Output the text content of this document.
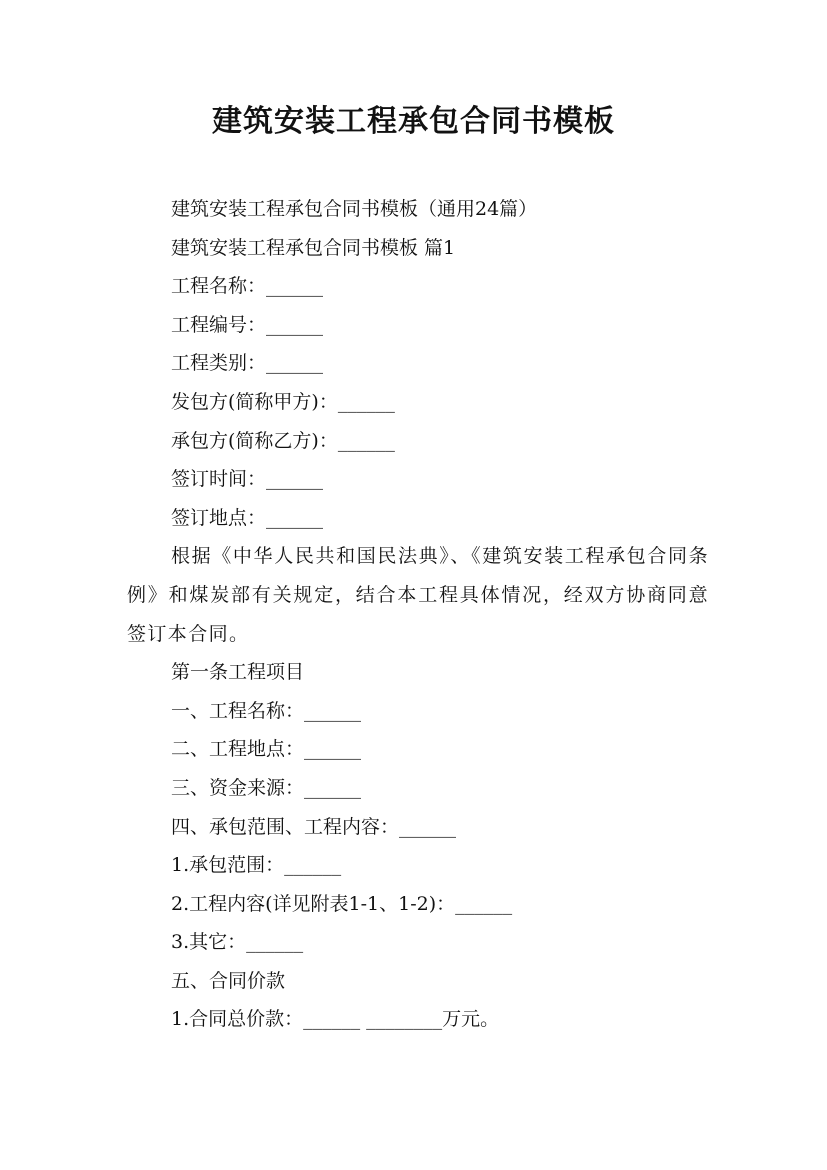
建筑安装工程承包合同书模板

建筑安装工程承包合同书模板（通用24篇）

建筑安装工程承包合同书模板 篇1

工程名称：______

工程编号：______

工程类别：______

发包方(简称甲方)：______

承包方(简称乙方)：______

签订时间：______

签订地点：______

根据《中华人民共和国民法典》、《建筑安装工程承包合同条例》和煤炭部有关规定，结合本工程具体情况，经双方协商同意签订本合同。

第一条工程项目

一、工程名称：______

二、工程地点：______

三、资金来源：______

四、承包范围、工程内容：______

1.承包范围：______

2.工程内容(详见附表1-1、1-2)：______

3.其它：______

五、合同价款

1.合同总价款：______ ________万元。
